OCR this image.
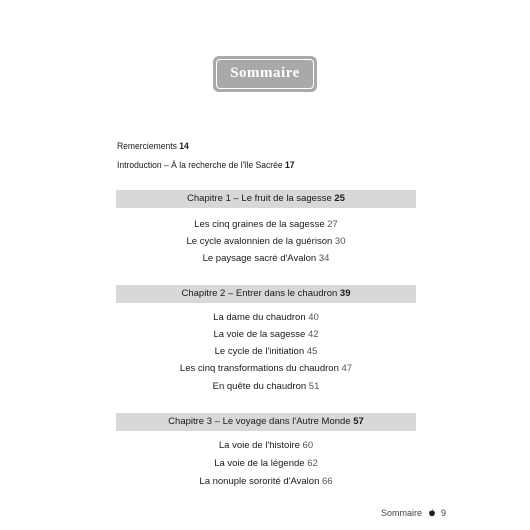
Sommaire
Remerciements 14
Introduction – À la recherche de l'île Sacrée 17
Chapitre 1 – Le fruit de la sagesse 25
Les cinq graines de la sagesse 27
Le cycle avalonnien de la guérison 30
Le paysage sacré d'Avalon 34
Chapitre 2 – Entrer dans le chaudron 39
La dame du chaudron 40
La voie de la sagesse 42
Le cycle de l'initiation 45
Les cinq transformations du chaudron 47
En quête du chaudron 51
Chapitre 3 – Le voyage dans l'Autre Monde 57
La voie de l'histoire 60
La voie de la légende 62
La nonuple sororité d'Avalon 66
Sommaire 9
